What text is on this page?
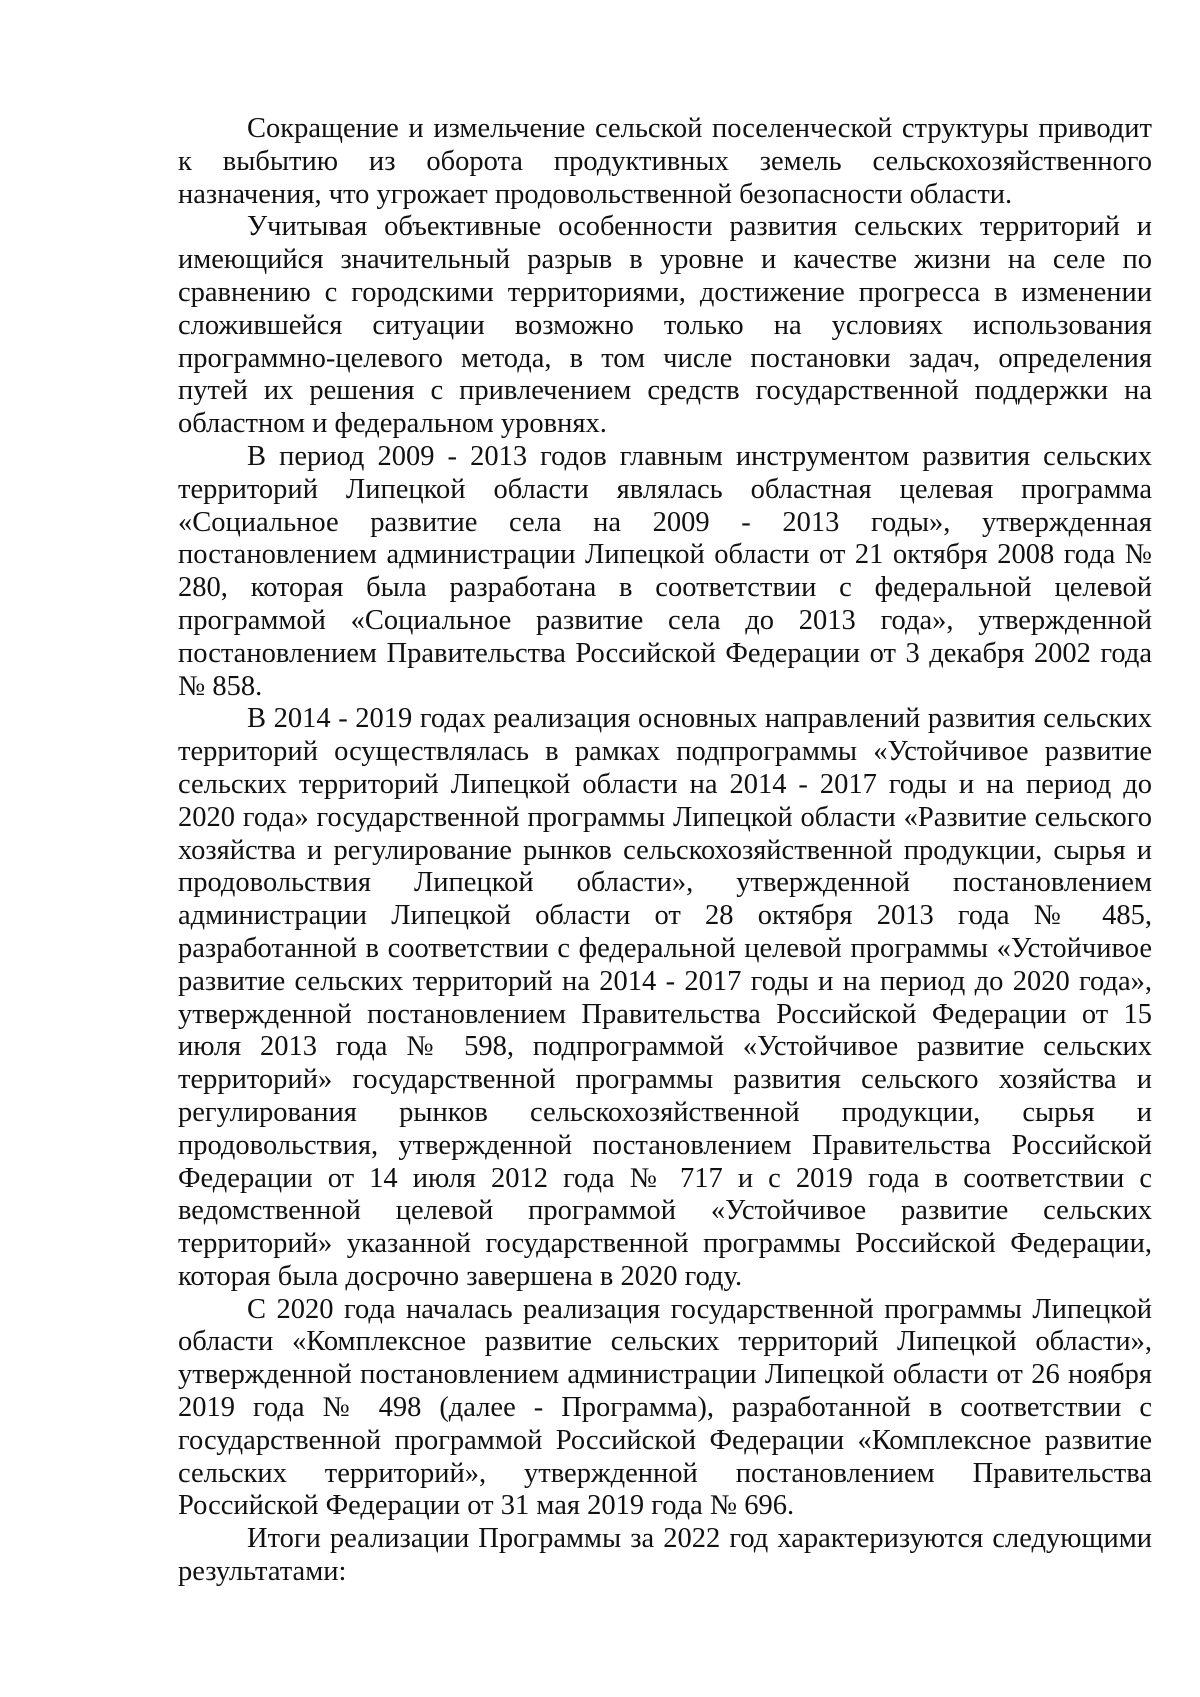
Сокращение и измельчение сельской поселенческой структуры приводит к выбытию из оборота продуктивных земель сельскохозяйственного назначения, что угрожает продовольственной безопасности области.

Учитывая объективные особенности развития сельских территорий и имеющийся значительный разрыв в уровне и качестве жизни на селе по сравнению с городскими территориями, достижение прогресса в изменении сложившейся ситуации возможно только на условиях использования программно-целевого метода, в том числе постановки задач, определения путей их решения с привлечением средств государственной поддержки на областном и федеральном уровнях.

В период 2009 - 2013 годов главным инструментом развития сельских территорий Липецкой области являлась областная целевая программа «Социальное развитие села на 2009 - 2013 годы», утвержденная постановлением администрации Липецкой области от 21 октября 2008 года № 280, которая была разработана в соответствии с федеральной целевой программой «Социальное развитие села до 2013 года», утвержденной постановлением Правительства Российской Федерации от 3 декабря 2002 года № 858.

В 2014 - 2019 годах реализация основных направлений развития сельских территорий осуществлялась в рамках подпрограммы «Устойчивое развитие сельских территорий Липецкой области на 2014 - 2017 годы и на период до 2020 года» государственной программы Липецкой области «Развитие сельского хозяйства и регулирование рынков сельскохозяйственной продукции, сырья и продовольствия Липецкой области», утвержденной постановлением администрации Липецкой области от 28 октября 2013 года № 485, разработанной в соответствии с федеральной целевой программы «Устойчивое развитие сельских территорий на 2014 - 2017 годы и на период до 2020 года», утвержденной постановлением Правительства Российской Федерации от 15 июля 2013 года № 598, подпрограммой «Устойчивое развитие сельских территорий» государственной программы развития сельского хозяйства и регулирования рынков сельскохозяйственной продукции, сырья и продовольствия, утвержденной постановлением Правительства Российской Федерации от 14 июля 2012 года № 717 и с 2019 года в соответствии с ведомственной целевой программой «Устойчивое развитие сельских территорий» указанной государственной программы Российской Федерации, которая была досрочно завершена в 2020 году.

С 2020 года началась реализация государственной программы Липецкой области «Комплексное развитие сельских территорий Липецкой области», утвержденной постановлением администрации Липецкой области от 26 ноября 2019 года № 498 (далее - Программа), разработанной в соответствии с государственной программой Российской Федерации «Комплексное развитие сельских территорий», утвержденной постановлением Правительства Российской Федерации от 31 мая 2019 года № 696.

Итоги реализации Программы за 2022 год характеризуются следующими результатами:
